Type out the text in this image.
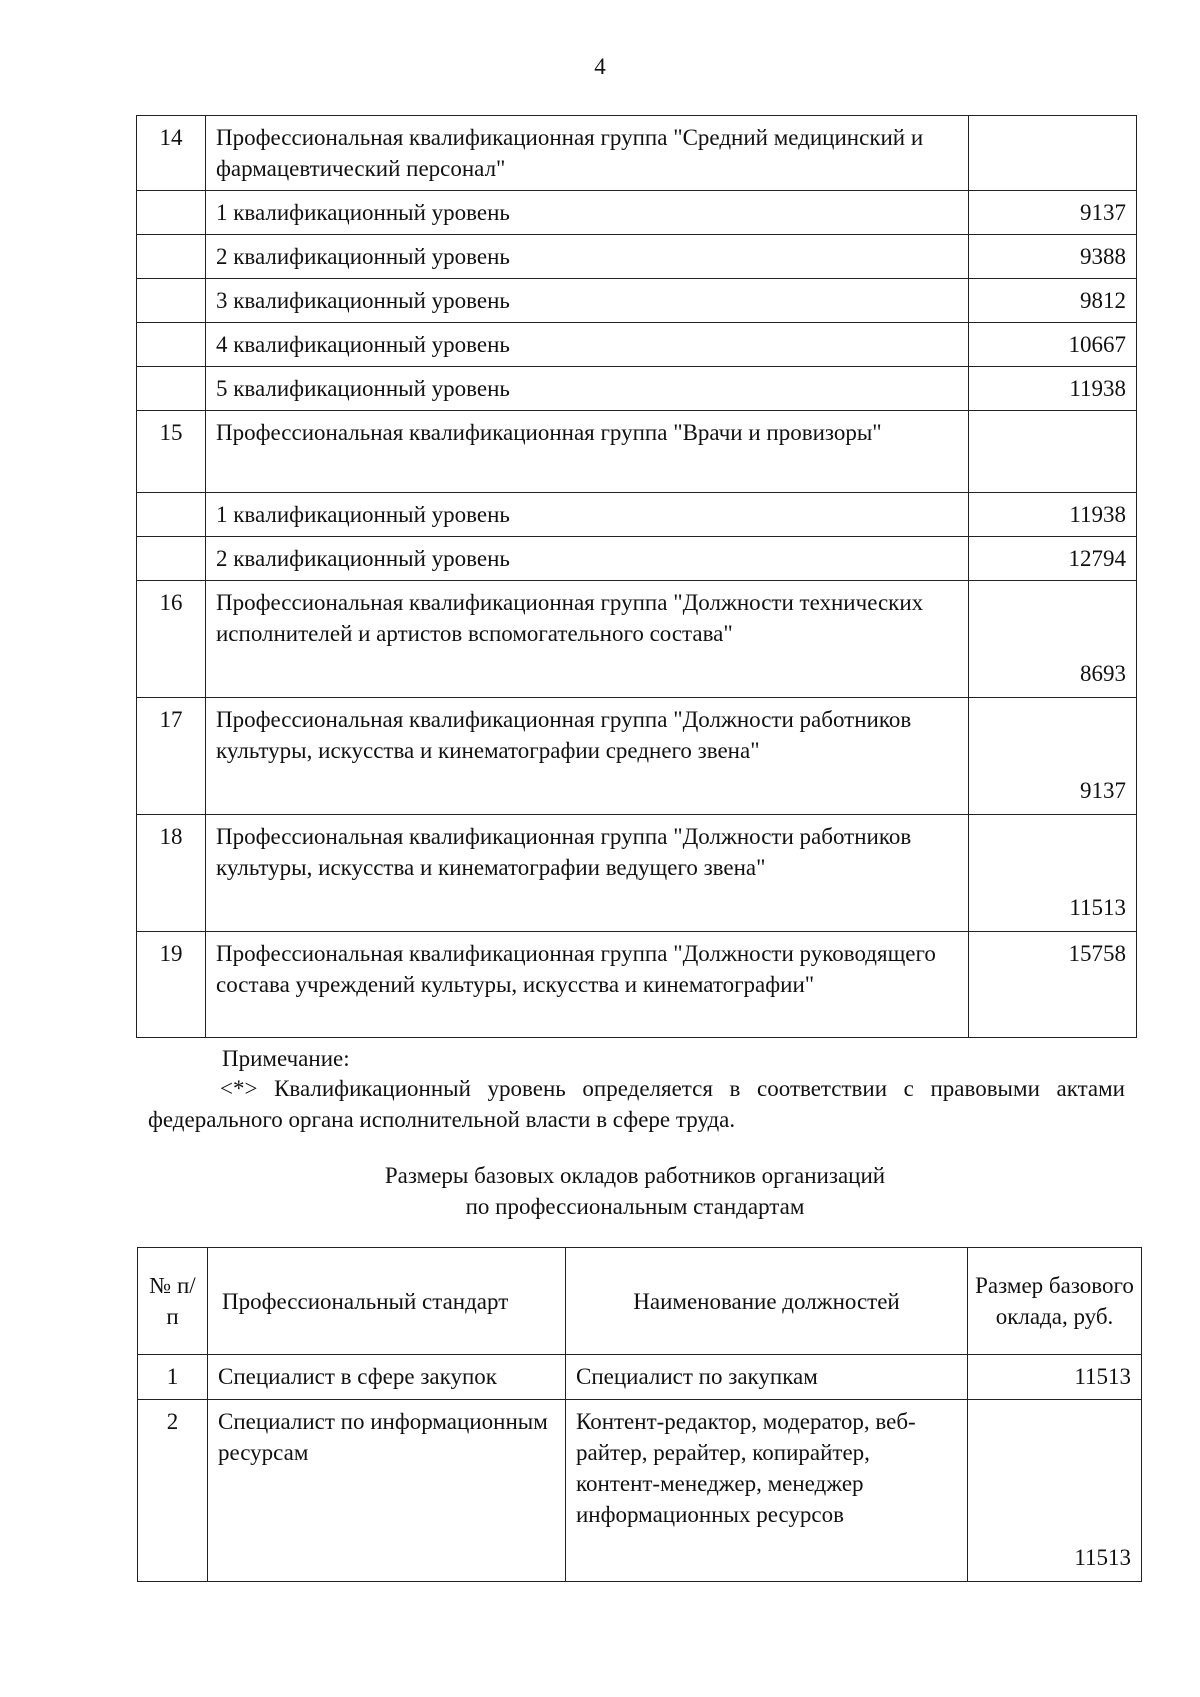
4
14	Профессиональная квалификационная группа "Средний медицинский и фармацевтический персонал"	
	1 квалификационный уровень	9137
	2 квалификационный уровень	9388
	3 квалификационный уровень	9812
	4 квалификационный уровень	10667
	5 квалификационный уровень	11938
15	Профессиональная квалификационная группа "Врачи и провизоры"	
	1 квалификационный уровень	11938
	2 квалификационный уровень	12794
16	Профессиональная квалификационная группа "Должности технических исполнителей и артистов вспомогательного состава"	8693
17	Профессиональная квалификационная группа "Должности работников культуры, искусства и кинематографии среднего звена"	9137
18	Профессиональная квалификационная группа "Должности работников культуры, искусства и кинематографии ведущего звена"	11513
19	Профессиональная квалификационная группа "Должности руководящего состава учреждений культуры, искусства и кинематографии"	15758
Примечание:
<*> Квалификационный уровень определяется в соответствии с правовыми актами федерального органа исполнительной власти в сфере труда.
Размеры базовых окладов работников организаций
по профессиональным стандартам
№ п/п	Профессиональный стандарт	Наименование должностей	Размер базового оклада, руб.
1	Специалист в сфере закупок	Специалист по закупкам	11513
2	Специалист по информационным ресурсам	Контент-редактор, модератор, веб-райтер, рерайтер, копирайтер, контент-менеджер, менеджер информационных ресурсов	11513
